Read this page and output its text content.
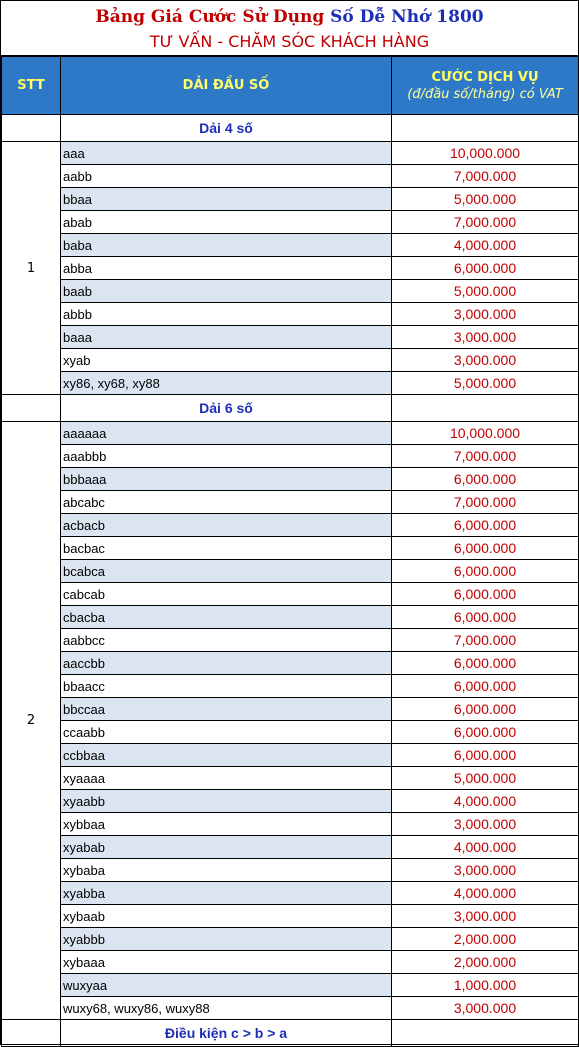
Bảng Giá Cước Sử Dụng Số Dễ Nhớ 1800
TƯ VẤN - CHĂM SÓC KHÁCH HÀNG
STT	DẢI ĐẦU SỐ	CƯỚC DỊCH VỤ
(đ/đầu số/tháng) có VAT

	Dải 4 số	
1	aaa	10,000.000
	aabb	7,000.000
	bbaa	5,000.000
	abab	7,000.000
	baba	4,000.000
	abba	6,000.000
	baab	5,000.000
	abbb	3,000.000
	baaa	3,000.000
	xyab	3,000.000
	xy86, xy68, xy88	5,000.000
	Dải 6 số	
2	aaaaaa	10,000.000
	aaabbb	7,000.000
	bbbaaa	6,000.000
	abcabc	7,000.000
	acbacb	6,000.000
	bacbac	6,000.000
	bcabca	6,000.000
	cabcab	6,000.000
	cbacba	6,000.000
	aabbcc	7,000.000
	aaccbb	6,000.000
	bbaacc	6,000.000
	bbccaa	6,000.000
	ccaabb	6,000.000
	ccbbaa	6,000.000
	xyaaaa	5,000.000
	xyaabb	4,000.000
	xybbaa	3,000.000
	xyabab	4,000.000
	xybaba	3,000.000
	xyabba	4,000.000
	xybaab	3,000.000
	xyabbb	2,000.000
	xybaaa	2,000.000
	wuxyaa	1,000.000
	wuxy68, wuxy86, wuxy88	3,000.000
	Điều kiện c > b > a	
